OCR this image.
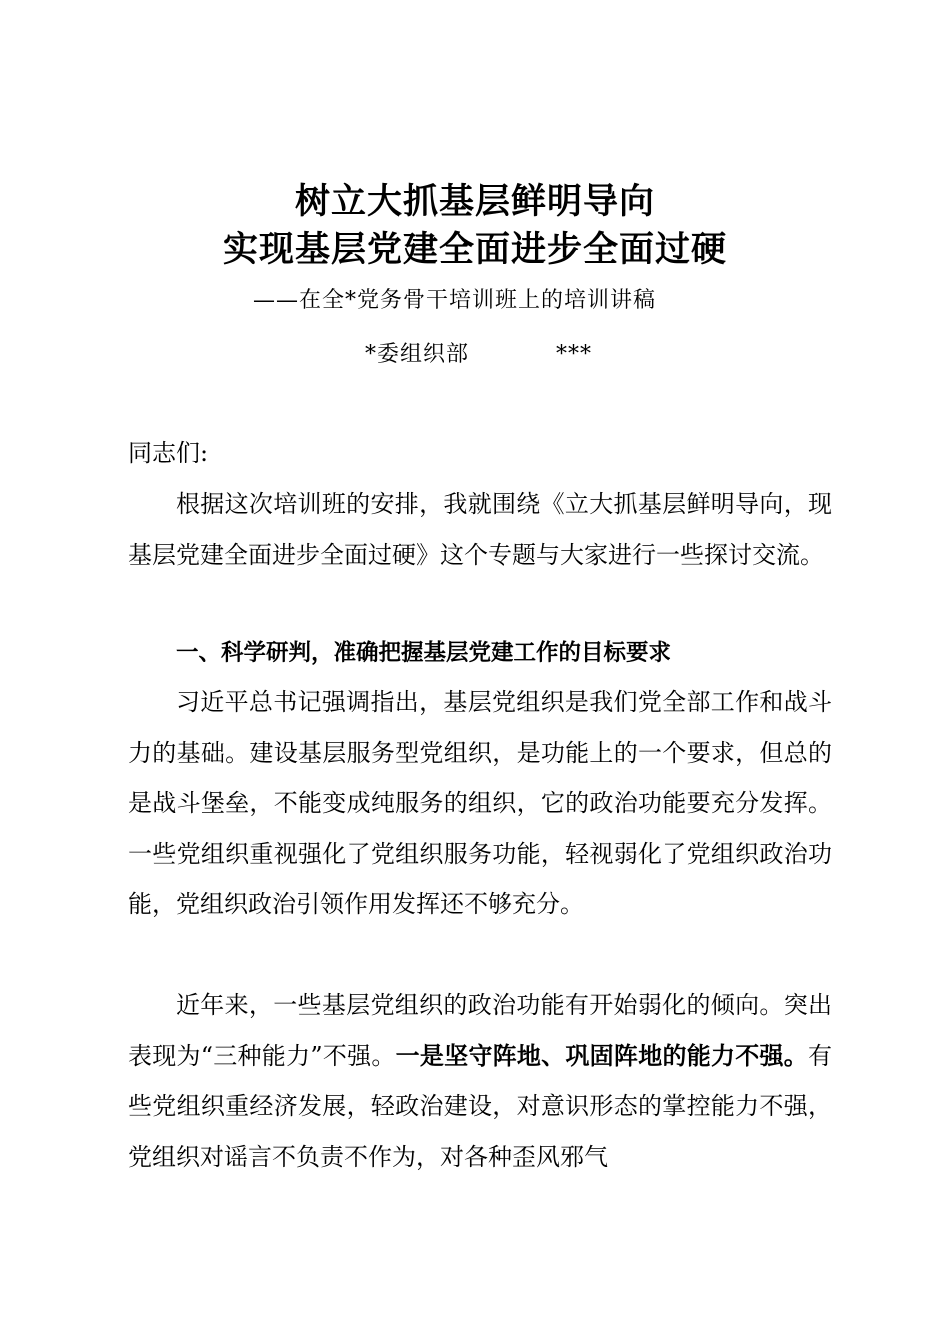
树立大抓基层鲜明导向
实现基层党建全面进步全面过硬
——在全*党务骨干培训班上的培训讲稿
*委组织部	***
同志们:
根据这次培训班的安排，我就围绕《立大抓基层鲜明导向，现基层党建全面进步全面过硬》这个专题与大家进行一些探讨交流。
一、科学研判，准确把握基层党建工作的目标要求
习近平总书记强调指出，基层党组织是我们党全部工作和战斗力的基础。建设基层服务型党组织，是功能上的一个要求，但总的是战斗堡垒，不能变成纯服务的组织，它的政治功能要充分发挥。一些党组织重视强化了党组织服务功能，轻视弱化了党组织政治功能，党组织政治引领作用发挥还不够充分。
近年来，一些基层党组织的政治功能有开始弱化的倾向。突出表现为“三种能力”不强。一是坚守阵地、巩固阵地的能力不强。有些党组织重经济发展，轻政治建设，对意识形态的掌控能力不强，党组织对谣言不负责不作为，对各种歪风邪气
